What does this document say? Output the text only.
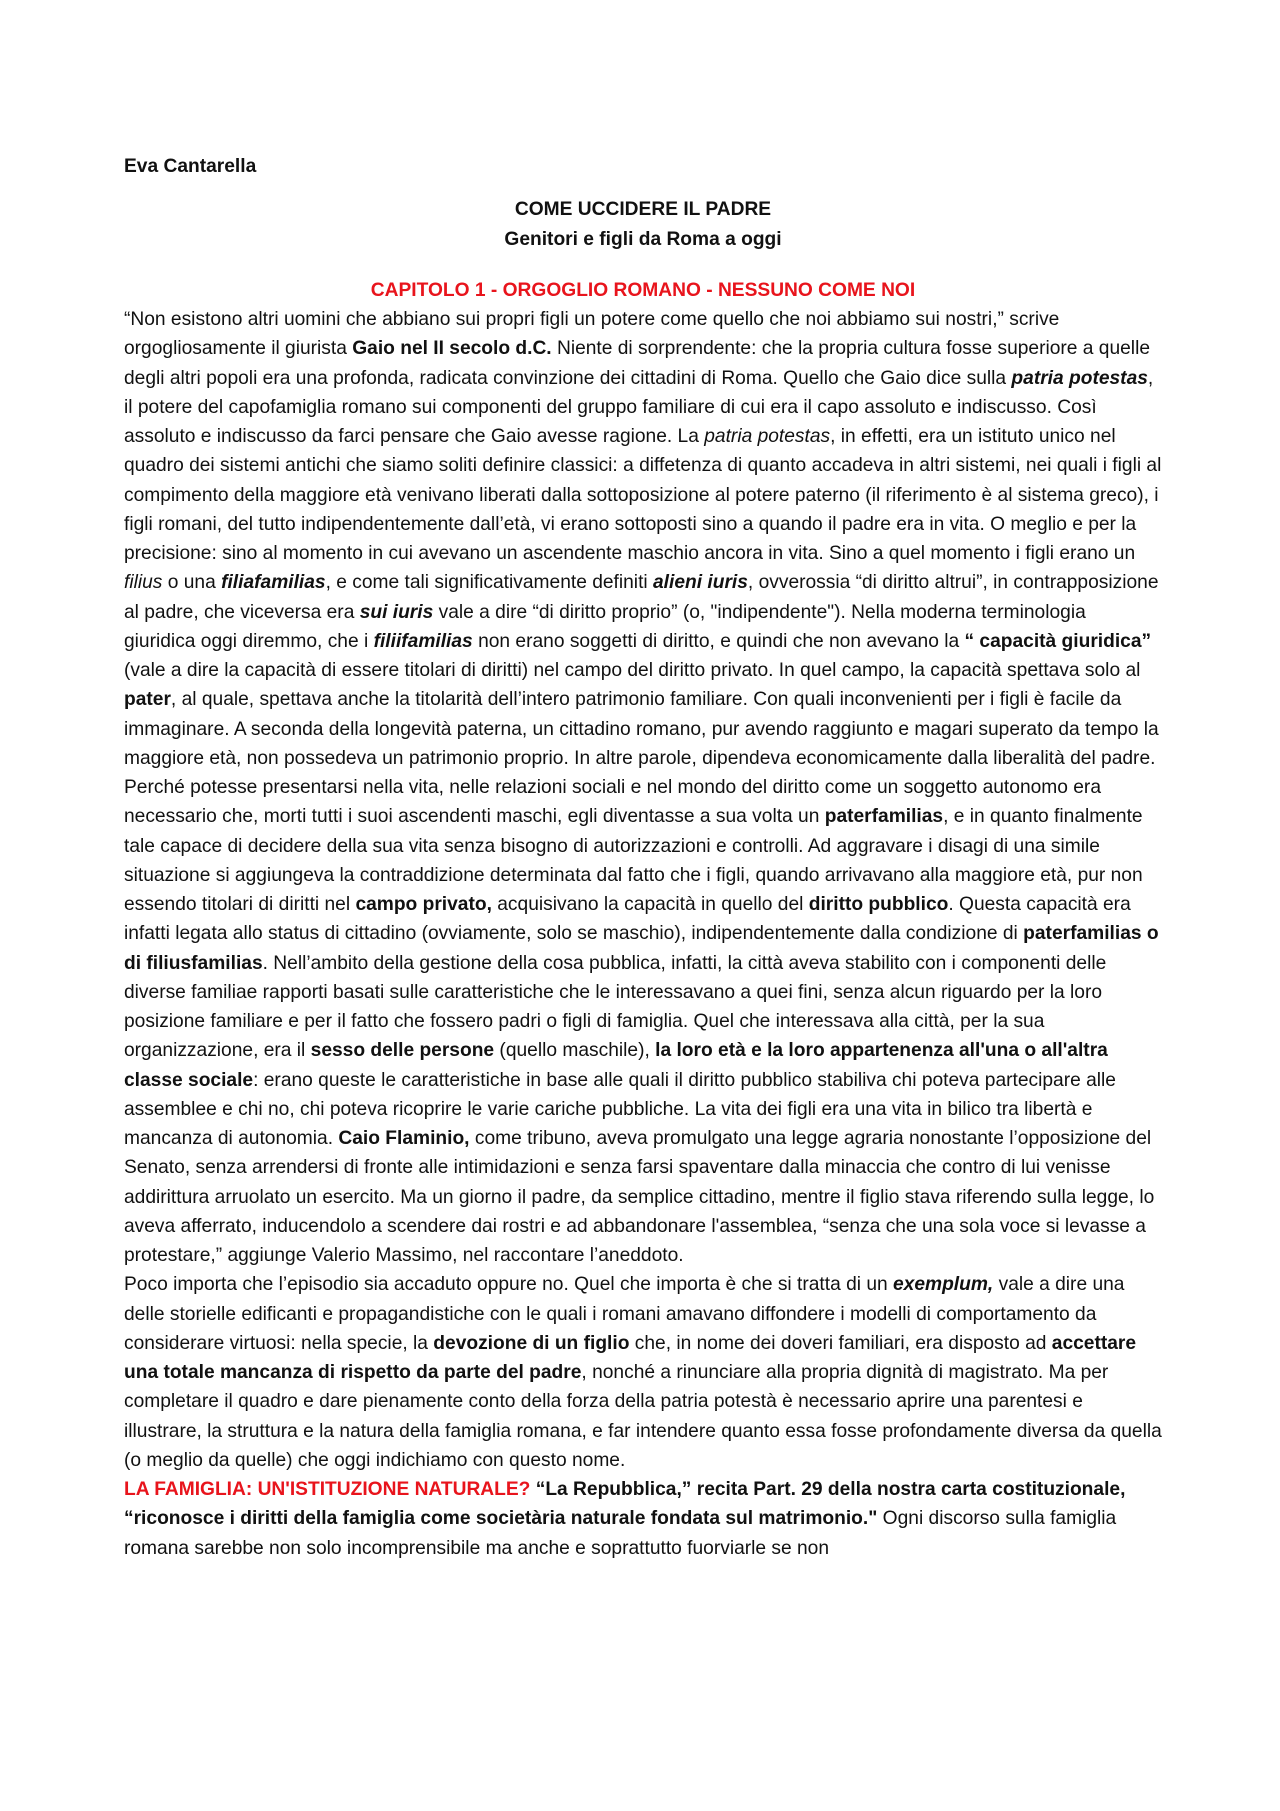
Eva Cantarella
COME UCCIDERE IL PADRE
Genitori e figli da Roma a oggi
CAPITOLO 1 - ORGOGLIO ROMANO - NESSUNO COME NOI
“Non esistono altri uomini che abbiano sui propri figli un potere come quello che noi abbiamo sui nostri,” scrive orgogliosamente il giurista Gaio nel II secolo d.C. Niente di sorprendente: che la propria cultura fosse superiore a quelle degli altri popoli era una profonda, radicata convinzione dei cittadini di Roma. Quello che Gaio dice sulla patria potestas, il potere del capofamiglia romano sui componenti del gruppo familiare di cui era il capo assoluto e indiscusso. Così assoluto e indiscusso da farci pensare che Gaio avesse ragione. La patria potestas, in effetti, era un istituto unico nel quadro dei sistemi antichi che siamo soliti definire classici: a diffetenza di quanto accadeva in altri sistemi, nei quali i figli al compimento della maggiore età venivano liberati dalla sottoposizione al potere paterno (il riferimento è al sistema greco), i figli romani, del tutto indipendentemente dall’età, vi erano sottoposti sino a quando il padre era in vita. O meglio e per la precisione: sino al momento in cui avevano un ascendente maschio ancora in vita. Sino a quel momento i figli erano un filius o una filiafamilias, e come tali significativamente definiti alieni iuris, ovverossia “di diritto altrui”, in contrapposizione al padre, che viceversa era sui iuris vale a dire “di diritto proprio” (o, "indipendente"). Nella moderna terminologia giuridica oggi diremmo, che i filiifamilias non erano soggetti di diritto, e quindi che non avevano la “ capacità giuridica” (vale a dire la capacità di essere titolari di diritti) nel campo del diritto privato. In quel campo, la capacità spettava solo al pater, al quale, spettava anche la titolarità dell’intero patrimonio familiare. Con quali inconvenienti per i figli è facile da immaginare. A seconda della longevità paterna, un cittadino romano, pur avendo raggiunto e magari superato da tempo la maggiore età, non possedeva un patrimonio proprio. In altre parole, dipendeva economicamente dalla liberalità del padre. Perché potesse presentarsi nella vita, nelle relazioni sociali e nel mondo del diritto come un soggetto autonomo era necessario che, morti tutti i suoi ascendenti maschi, egli diventasse a sua volta un paterfamilias, e in quanto finalmente tale capace di decidere della sua vita senza bisogno di autorizzazioni e controlli. Ad aggravare i disagi di una simile situazione si aggiungeva la contraddizione determinata dal fatto che i figli, quando arrivavano alla maggiore età, pur non essendo titolari di diritti nel campo privato, acquisivano la capacità in quello del diritto pubblico. Questa capacità era infatti legata allo status di cittadino (ovviamente, solo se maschio), indipendentemente dalla condizione di paterfamilias o di filiusfamilias. Nell’ambito della gestione della cosa pubblica, infatti, la città aveva stabilito con i componenti delle diverse familiae rapporti basati sulle caratteristiche che le interessavano a quei fini, senza alcun riguardo per la loro posizione familiare e per il fatto che fossero padri o figli di famiglia. Quel che interessava alla città, per la sua organizzazione, era il sesso delle persone (quello maschile), la loro età e la loro appartenenza all'una o all'altra classe sociale: erano queste le caratteristiche in base alle quali il diritto pubblico stabiliva chi poteva partecipare alle assemblee e chi no, chi poteva ricoprire le varie cariche pubbliche. La vita dei figli era una vita in bilico tra libertà e mancanza di autonomia. Caio Flaminio, come tribuno, aveva promulgato una legge agraria nonostante l’opposizione del Senato, senza arrendersi di fronte alle intimidazioni e senza farsi spaventare dalla minaccia che contro di lui venisse addirittura arruolato un esercito. Ma un giorno il padre, da semplice cittadino, mentre il figlio stava riferendo sulla legge, lo aveva afferrato, inducendolo a scendere dai rostri e ad abbandonare l'assemblea, “senza che una sola voce si levasse a protestare,” aggiunge Valerio Massimo, nel raccontare l’aneddoto.
Poco importa che l’episodio sia accaduto oppure no. Quel che importa è che si tratta di un exemplum, vale a dire una delle storielle edificanti e propagandistiche con le quali i romani amavano diffondere i modelli di comportamento da considerare virtuosi: nella specie, la devozione di un figlio che, in nome dei doveri familiari, era disposto ad accettare una totale mancanza di rispetto da parte del padre, nonché a rinunciare alla propria dignità di magistrato. Ma per completare il quadro e dare pienamente conto della forza della patria potestà è necessario aprire una parentesi e illustrare, la struttura e la natura della famiglia romana, e far intendere quanto essa fosse profondamente diversa da quella (o meglio da quelle) che oggi indichiamo con questo nome.
LA FAMIGLIA: UN'ISTITUZIONE NATURALE? “La Repubblica,” recita Part. 29 della nostra carta costituzionale, “riconosce i diritti della famiglia come societària naturale fondata sul matrimonio." Ogni discorso sulla famiglia romana sarebbe non solo incomprensibile ma anche e soprattutto fuorviarle se non
